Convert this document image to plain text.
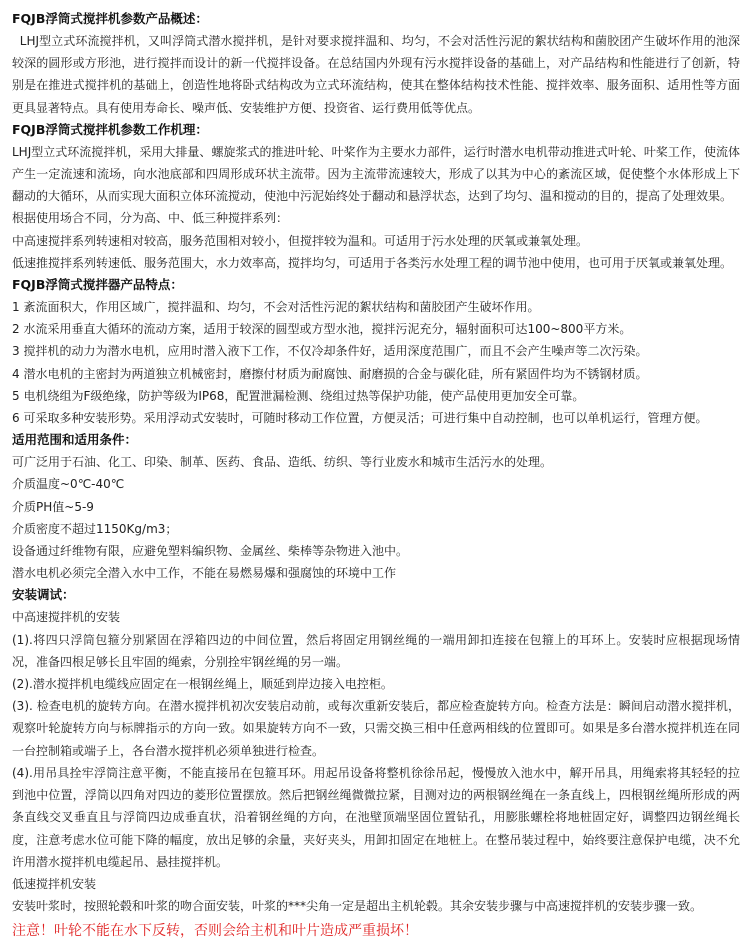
FQJB浮筒式搅拌机参数产品概述：
LHJ型立式环流搅拌机，又叫浮筒式潜水搅拌机，是针对要求搅拌温和、均匀，不会对活性污泥的絮状结构和菌胶团产生破坏作用的池深较深的圆形或方形池，进行搅拌而设计的新一代搅拌设备。在总结国内外现有污水搅拌设备的基础上，对产品结构和性能进行了创新，特别是在推进式搅拌机的基础上，创造性地将卧式结构改为立式环流结构，使其在整体结构技术性能、搅拌效率、服务面积、适用性等方面更具显著特点。具有使用寿命长、噪声低、安装维护方便、投资省、运行费用低等优点。
FQJB浮筒式搅拌机参数工作机理：
LHJ型立式环流搅拌机，采用大排量、螺旋浆式的推进叶轮、叶桨作为主要水力部件，运行时潜水电机带动推进式叶轮、叶桨工作，使流体产生一定流速和流场，向水池底部和四周形成环状主流带。因为主流带流速较大，形成了以其为中心的紊流区域，促使整个水体形成上下翻动的大循环，从而实现大面积立体环流搅动，使池中污泥始终处于翻动和悬浮状态，达到了均匀、温和搅动的目的，提高了处理效果。
根据使用场合不同，分为高、中、低三种搅拌系列：
中高速搅拌系列转速相对较高，服务范围相对较小，但搅拌较为温和。可适用于污水处理的厌氧或兼氧处理。
低速推搅拌系列转速低、服务范围大，水力效率高，搅拌均匀，可适用于各类污水处理工程的调节池中使用，也可用于厌氧或兼氧处理。
FQJB浮筒式搅拌器产品特点：
1 紊流面积大，作用区域广，搅拌温和、均匀，不会对活性污泥的絮状结构和菌胶团产生破坏作用。
2 水流采用垂直大循环的流动方案，适用于较深的圆型或方型水池，搅拌污泥充分，辐射面积可达100~800平方米。
3 搅拌机的动力为潜水电机，应用时潜入液下工作，不仅冷却条件好，适用深度范围广，而且不会产生噪声等二次污染。
4 潜水电机的主密封为两道独立机械密封，磨擦付材质为耐腐蚀、耐磨损的合金与碳化硅，所有紧固件均为不锈钢材质。
5 电机绕组为F级绝缘，防护等级为IP68，配置泄漏检测、绕组过热等保护功能，使产品使用更加安全可靠。
6 可采取多种安装形势。采用浮动式安装时，可随时移动工作位置，方便灵活；可进行集中自动控制，也可以单机运行，管理方便。
适用范围和适用条件：
可广泛用于石油、化工、印染、制革、医药、食品、造纸、纺织、等行业废水和城市生活污水的处理。
介质温度~0℃-40℃
介质PH值~5-9
介质密度不超过1150Kg/m3；
设备通过纤维物有限，应避免塑料编织物、金属丝、柴棒等杂物进入池中。
潜水电机必须完全潜入水中工作，不能在易燃易爆和强腐蚀的环境中工作
安装调试：
中高速搅拌机的安装
(1).将四只浮筒包箍分别紧固在浮箱四边的中间位置，然后将固定用钢丝绳的一端用卸扣连接在包箍上的耳环上。安装时应根据现场情况，准备四根足够长且牢固的绳索，分别拴牢钢丝绳的另一端。
(2).潜水搅拌机电缆线应固定在一根钢丝绳上，顺延到岸边接入电控柜。
(3). 检查电机的旋转方向。在潜水搅拌机初次安装启动前，或每次重新安装后，都应检查旋转方向。检查方法是：瞬间启动潜水搅拌机，观察叶轮旋转方向与标牌指示的方向一致。如果旋转方向不一致，只需交换三相中任意两相线的位置即可。如果是多台潜水搅拌机连在同一台控制箱或端子上，各台潜水搅拌机必须单独进行检查。
(4).用吊具拴牢浮筒注意平衡，不能直接吊在包箍耳环。用起吊设备将整机徐徐吊起，慢慢放入池水中，解开吊具，用绳索将其轻轻的拉到池中位置，浮筒以四角对四边的菱形位置摆放。然后把钢丝绳微微拉紧，目测对边的两根钢丝绳在一条直线上，四根钢丝绳所形成的两条直线交叉垂直且与浮筒四边成垂直状，沿着钢丝绳的方向，在池壁顶端坚固位置钻孔，用膨胀螺栓将地桩固定好，调整四边钢丝绳长度，注意考虑水位可能下降的幅度，放出足够的余量，夹好夹头，用卸扣固定在地桩上。在整吊装过程中，始终要注意保护电缆，决不允许用潜水搅拌机电缆起吊、悬挂搅拌机。
低速搅拌机安装
安装叶浆时，按照轮毂和叶浆的吻合面安装，叶浆的***尖角一定是超出主机轮毂。其余安装步骤与中高速搅拌机的安装步骤一致。
注意！叶轮不能在水下反转，否则会给主机和叶片造成严重损坏！
